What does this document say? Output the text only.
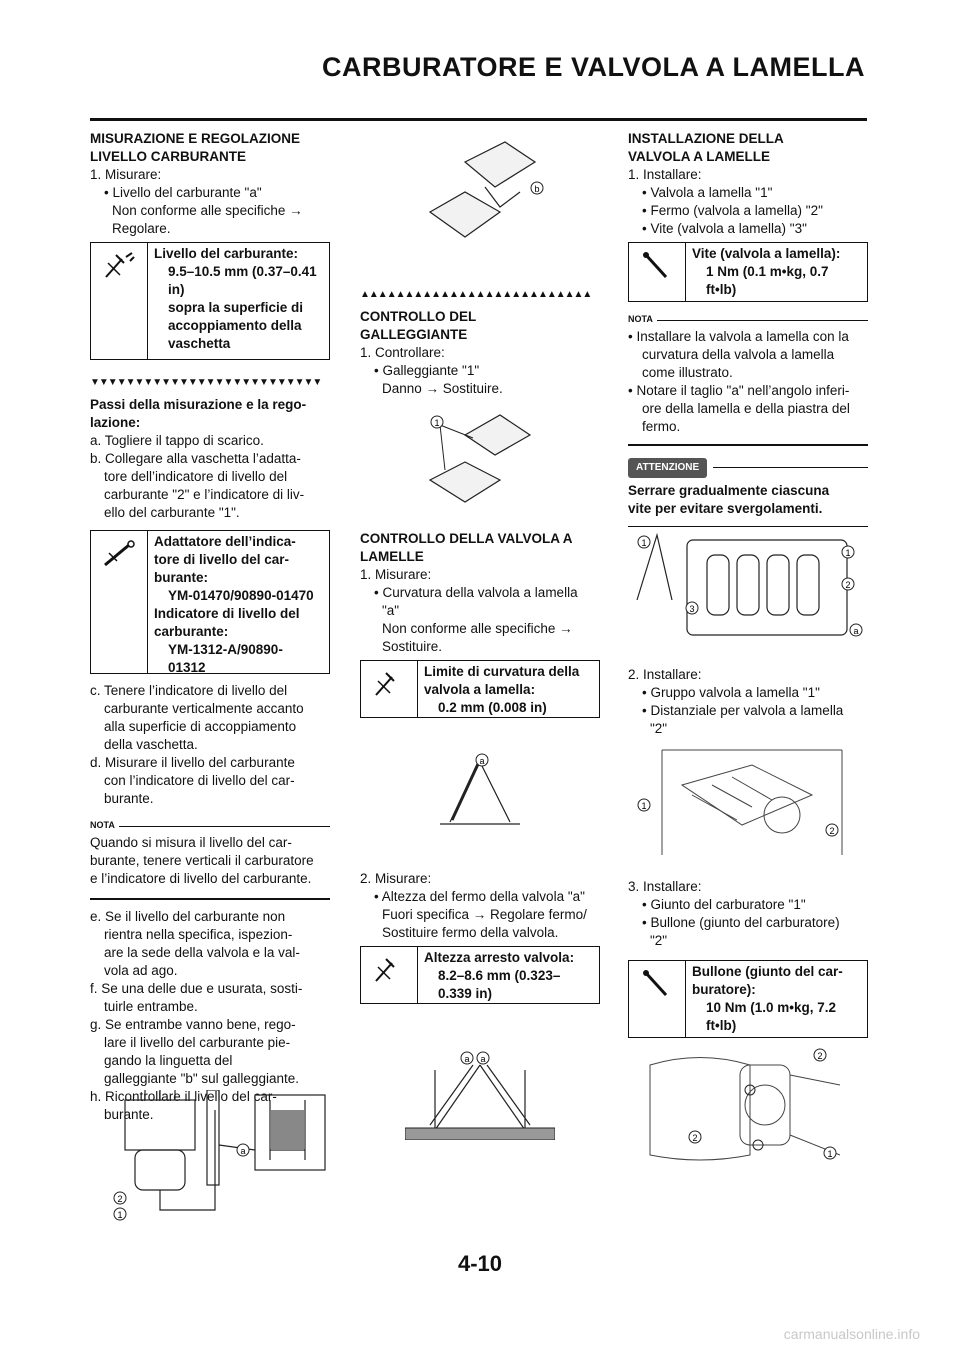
CARBURATORE E VALVOLA A LAMELLA

MISURAZIONE E REGOLAZIONE

LIVELLO CARBURANTE

1. Misurare:

• Livello del carburante "a"

Non conforme alle specifiche →

Regolare.

Livello del carburante:
9.5–10.5 mm (0.37–0.41
in)
sopra la superficie di
accoppiamento della
vaschetta
▼▼▼▼▼▼▼▼▼▼▼▼▼▼▼▼▼▼▼▼▼▼▼▼▼▼

Passi della misurazione e la rego-

lazione:

a. Togliere il tappo di scarico.

b. Collegare alla vaschetta l’adatta-

tore dell’indicatore di livello del

carburante "2" e l’indicatore di liv-

ello del carburante "1".

Adattatore dell’indica-
tore di livello del car-
burante:
YM-01470/90890-01470
Indicatore di livello del
carburante:
YM-1312-A/90890-
01312

c. Tenere l’indicatore di livello del

carburante verticalmente accanto

alla superficie di accoppiamento

della vaschetta.

d. Misurare il livello del carburante

con l’indicatore di livello del car-

burante.

NOTA

Quando si misura il livello del car-

burante, tenere verticali il carburatore

e l’indicatore di livello del carburante.

e. Se il livello del carburante non

rientra nella specifica, ispezion-

are la sede della valvola e la val-

vola ad ago.

f. Se una delle due e usurata, sosti-

tuirle entrambe.

g. Se entrambe vanno bene, rego-

lare il livello del carburante pie-

gando la linguetta del

galleggiante "b" sul galleggiante.

h. Ricontrollare il livello del car-

burante.

a
2
1
b
▲▲▲▲▲▲▲▲▲▲▲▲▲▲▲▲▲▲▲▲▲▲▲▲▲▲

CONTROLLO DEL

GALLEGGIANTE

1. Controllare:

• Galleggiante "1"

Danno → Sostituire.

1

CONTROLLO DELLA VALVOLA A

LAMELLE

1. Misurare:

• Curvatura della valvola a lamella

"a"

Non conforme alle specifiche →

Sostituire.

Limite di curvatura della
valvola a lamella:
0.2 mm (0.008 in)
a

2. Misurare:

• Altezza del fermo della valvola "a"

Fuori specifica → Regolare fermo/

Sostituire fermo della valvola.

Altezza arresto valvola:
8.2–8.6 mm (0.323–
0.339 in)
a a

INSTALLAZIONE DELLA

VALVOLA A LAMELLE

1. Installare:

• Valvola a lamella "1"

• Fermo (valvola a lamella) "2"

• Vite (valvola a lamella) "3"

Vite (valvola a lamella):
1 Nm (0.1 m•kg, 0.7
ft•lb)
NOTA

• Installare la valvola a lamella con la

curvatura della valvola a lamella

come illustrato.

• Notare il taglio "a" nell’angolo inferi-

ore della lamella e della piastra del

fermo.

ATTENZIONE

Serrare gradualmente ciascuna

vite per evitare svergolamenti.

1
1
2
3
a

2. Installare:

• Gruppo valvola a lamella "1"

• Distanziale per valvola a lamella

"2"

1
2

3. Installare:

• Giunto del carburatore "1"

• Bullone (giunto del carburatore)

"2"

Bullone (giunto del car-
buratore):
10 Nm (1.0 m•kg, 7.2
ft•lb)
2
2
1
4-10
carmanualsonline.info
